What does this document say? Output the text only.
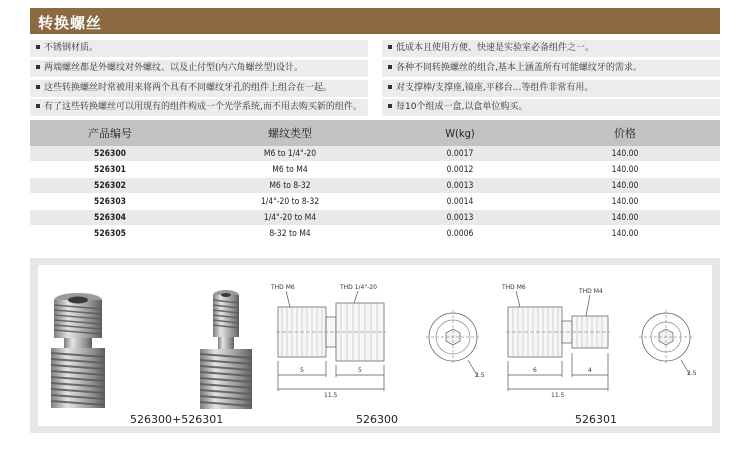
转换螺丝
不锈钢材质。	低成本且使用方便、快速是实验室必备组件之一。
两端螺丝都是外螺纹对外螺纹、以及止付型(内六角螺丝型)设计。	各种不同转换螺丝的组合,基本上涵盖所有可能螺纹牙的需求。
这些转换螺丝时常被用来将两个具有不同螺纹牙孔的组件上组合在一起。	对支撑棒/支撑座,镜座,平移台...等组件非常有用。
有了这些转换螺丝可以用现有的组件构成一个光学系统,而不用去购买新的组件。	每10个组成一盒,以盒单位购买。
产品编号	螺纹类型	W(kg)	价格
526300	M6 to 1/4"-20	0.0017	140.00
526301	M6 to M4	0.0012	140.00
526302	M6 to 8-32	0.0013	140.00
526303	1/4"-20 to 8-32	0.0014	140.00
526304	1/4"-20 to M4	0.0013	140.00
526305	8-32 to M4	0.0006	140.00
THD M6	THD 1/4"-20
5	5
11.5
2.5
THD M6
THD M4
6	4
11.5
2.5
526300+526301	526300	526301
